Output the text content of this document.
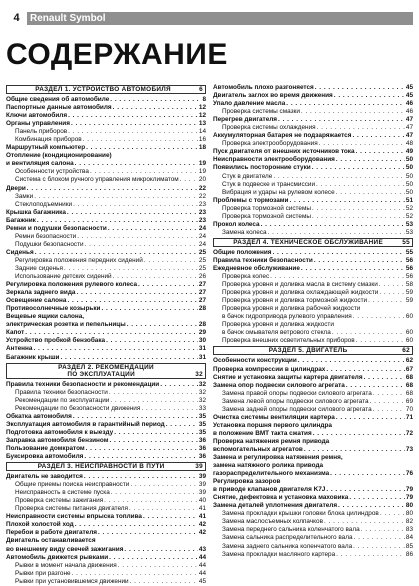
4	Renault Symbol
СОДЕРЖАНИЕ
6
РАЗДЕЛ 1. УСТРОЙСТВО АВТОМОБИЛЯ
Общие сведения об автомобиле . . .	8
Паспортные данные автомобиля . . .	12
Ключи автомобиля . . .	12
Органы управления . . .	13
Панель приборов . . .	14
Комбинация приборов . . .	16
Маршрутный компьютер . . .	18
Отопление (кондиционирование)
и вентиляция салона . . .	19
Особенности устройства . . .	19
Система с блоком ручного управления микроклиматом . . .	20
Двери . . .	22
Замки . . .	22
Стеклоподъемники . . .	23
Крышка багажника . . .	23
Багажник . . .	23
Ремни и подушки безопасности . . .	24
Ремни безопасности . . .	24
Подушки безопасности . . .	24
Сиденья . . .	25
Регулировка положения передних сидений . . .	25
Задние сиденья . . .	25
Использование детских сидений . . .	26
Регулировка положения рулевого колеса . . .	27
Зеркала заднего вида . . .	27
Освещение салона . . .	27
Противосолнечные козырьки . . .	28
Вещевые ящики салона,
электрическая розетка и пепельницы . . .	28
Капот . . .	29
Устройство пробкой бензобака . . .	30
Антенна . . .	31
Багажник крыши . . .	31
РАЗДЕЛ 2. РЕКОМЕНДАЦИИ
32
ПО ЭКСПЛУАТАЦИИ
Правила техники безопасности и рекомендации . . .	32
Правила техники безопасности . . .	32
Рекомендации по эксплуатации . . .	32
Рекомендации по безопасности движения . . .	33
Обкатка автомобиля . . .	35
Эксплуатация автомобиля в гарантийный период . . .	35
Подготовка автомобиля к выезду . . .	35
Заправка автомобиля бензином . . .	36
Пользование домкратом . . .	36
Буксировка автомобиля . . .	36
39
РАЗДЕЛ 3. НЕИСПРАВНОСТИ В ПУТИ
Двигатель не заводится . . .	39
Общие приемы поиска неисправности . . .	39
Неисправность в системе пуска . . .	39
Проверка системы зажигания . . .	40
Проверка системы питания двигателя . . .	41
Неисправности системы впрыска топлива . . .	41
Плохой холостой ход . . .	42
Перебои в работе двигателя . . .	42
Двигатель останавливается
во внешнему виду свечей зажигания . . .	43
Автомобиль движется рывками . . .	44
Рывки в момент начала движения . . .	44
Рывки при разгоне . . .	44
Рывки при установившемся движении . . .	45
Автомобиль плохо разгоняется . . .	45
Двигатель заглох во время движения . . .	45
Упало давление масла . . .	46
Проверка системы смазки . . .	46
Перегрев двигателя . . .	47
Проверка системы охлаждения . . .	47
Аккумуляторная батарея не подзаряжается . . .	47
Проверка электрооборудования . . .	48
Пуск двигателя от внешних источников тока . . .	49
Неисправности электрооборудования . . .	50
Появились посторонние стуки . . .	50
Стук в двигателе . . .	50
Стук в подвеске и трансмиссии . . .	50
Вибрация и удары на рулевом колесе . . .	50
Проблемы с тормозами . . .	51
Проверка тормозной системы . . .	52
Проверка тормозной системы . . .	52
Прокол колеса . . .	53
Замена колеса . . .	53
55
РАЗДЕЛ 4. ТЕХНИЧЕСКОЕ ОБСЛУЖИВАНИЕ
Общие положения . . .	55
Правила техники безопасности . . .	56
Ежедневное обслуживание . . .	56
Проверка колес . . .	56
Проверка уровня и доливка масла в систему смазки . . .	58
Проверка уровня и доливка охлаждающей жидкости . . .	59
Проверка уровня и доливка тормозной жидкости . . .	59
Проверка уровня и доливка рабочей жидкости
в бачок гидропривода рулевого управления . . .	60
Проверка уровня и доливка жидкости
в бачок омывателя ветрового стекла . . .	60
Проверка внешних осветительных приборов . . .	60
62
РАЗДЕЛ 5. ДВИГАТЕЛЬ
Особенности конструкции . . .	62
Проверка компрессии в цилиндрах . . .	67
Снятие и установка защиты картера двигателя . . .	68
Замена опор подвески силового агрегата . . .	68
Замена правой опоры подвески силового агрегата . . .	68
Замена левой опоры подвески силового агрегата . . .	69
Замена задней опоры подвески силового агрегата . . .	70
Очистка системы вентиляции картера . . .	71
Установка поршня первого цилиндра
в положение ВМТ такта сжатия . . .	72
Проверка натяжения ремня привода
вспомогательных агрегатов . . .	73
Замена и регулировка натяжения ремня,
замена натяжного ролика привода
газораспределительного механизма . . .	76
Регулировка зазоров
в приводе клапанов двигателя K7J . . .	79
Снятие, дефектовка и установка маховика . . .	79
Замена деталей уплотнения двигателя . . .	80
Замена прокладки крышки головки блока цилиндров . . .	80
Замена маслосъемных колпачков . . .	82
Замена переднего сальника коленчатого вала . . .	83
Замена сальника распределительного вала . . .	84
Замена заднего сальника коленчатого вала . . .	85
Замена прокладки масляного картера . . .	86
